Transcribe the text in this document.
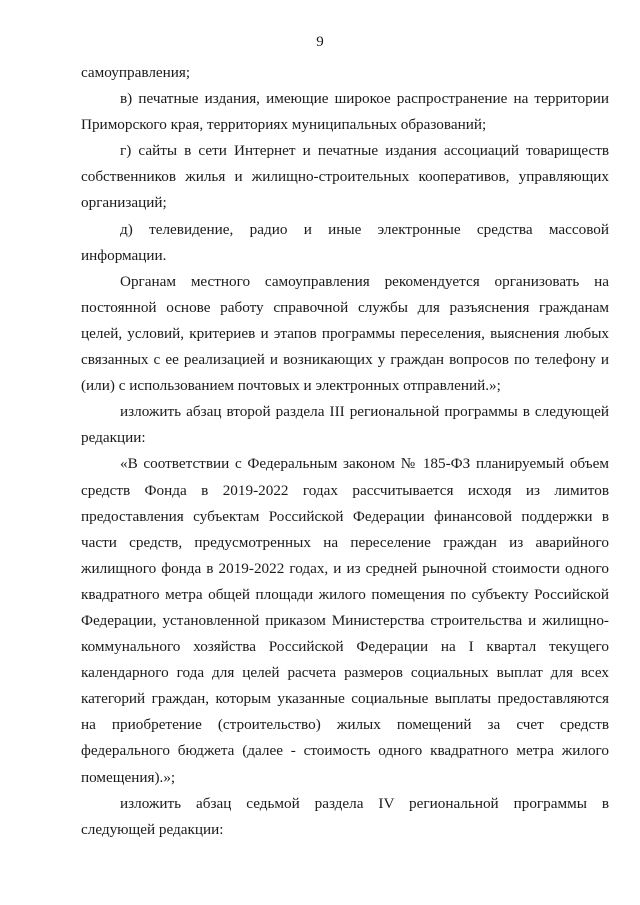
9

самоуправления;

в) печатные издания, имеющие широкое распространение на территории Приморского края, территориях муниципальных образований;

г) сайты в сети Интернет и печатные издания ассоциаций товариществ собственников жилья и жилищно-строительных кооперативов, управляющих организаций;

д) телевидение, радио и иные электронные средства массовой информации.

Органам местного самоуправления рекомендуется организовать на постоянной основе работу справочной службы для разъяснения гражданам целей, условий, критериев и этапов программы переселения, выяснения любых связанных с ее реализацией и возникающих у граждан вопросов по телефону и (или) с использованием почтовых и электронных отправлений.»;

изложить абзац второй раздела III региональной программы в следующей редакции:

«В соответствии с Федеральным законом № 185-ФЗ планируемый объем средств Фонда в 2019-2022 годах рассчитывается исходя из лимитов предоставления субъектам Российской Федерации финансовой поддержки в части средств, предусмотренных на переселение граждан из аварийного жилищного фонда в 2019-2022 годах, и из средней рыночной стоимости одного квадратного метра общей площади жилого помещения по субъекту Российской Федерации, установленной приказом Министерства строительства и жилищно-коммунального хозяйства Российской Федерации на I квартал текущего календарного года для целей расчета размеров социальных выплат для всех категорий граждан, которым указанные социальные выплаты предоставляются на приобретение (строительство) жилых помещений за счет средств федерального бюджета (далее - стоимость одного квадратного метра жилого помещения).»;

изложить абзац седьмой раздела IV региональной программы в следующей редакции:
